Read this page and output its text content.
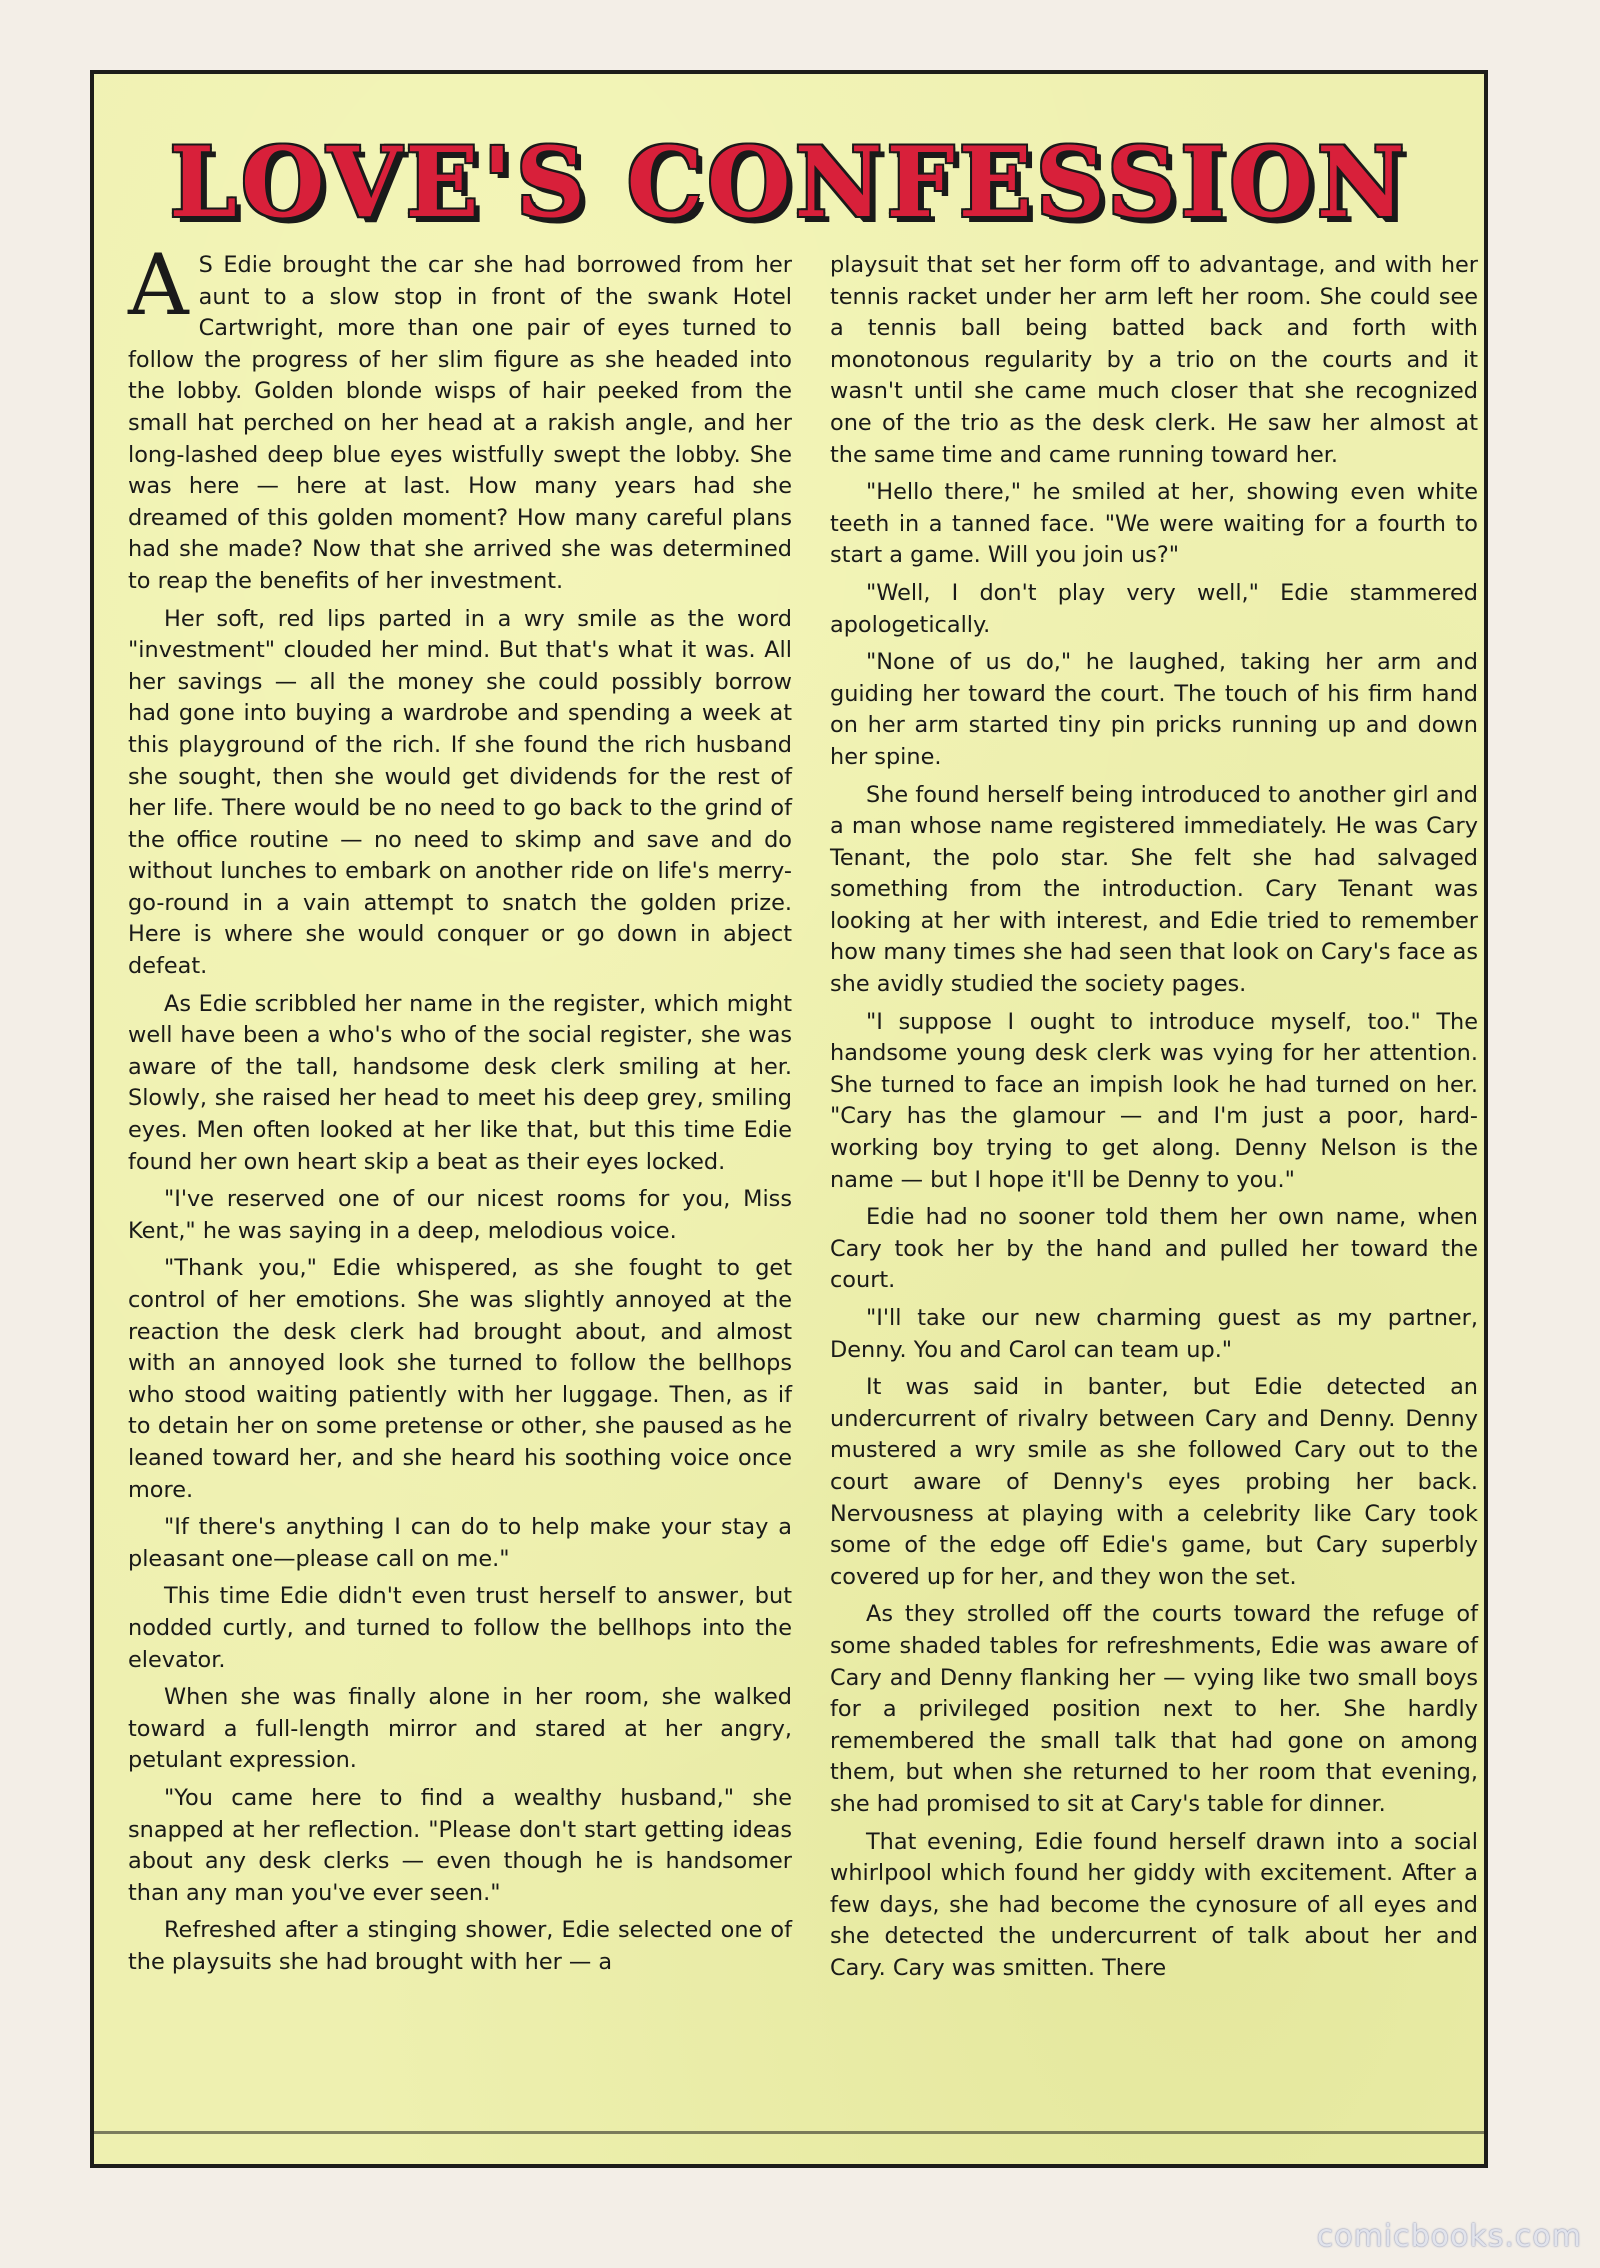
LOVE'S CONFESSION

AS Edie brought the car she had borrowed from her aunt to a slow stop in front of the swank Hotel Cartwright, more than one pair of eyes turned to follow the progress of her slim figure as she headed into the lobby. Golden blonde wisps of hair peeked from the small hat perched on her head at a rakish angle, and her long-lashed deep blue eyes wistfully swept the lobby. She was here — here at last. How many years had she dreamed of this golden moment? How many careful plans had she made? Now that she arrived she was determined to reap the benefits of her investment.

Her soft, red lips parted in a wry smile as the word "investment" clouded her mind. But that's what it was. All her savings — all the money she could possibly borrow had gone into buying a wardrobe and spending a week at this playground of the rich. If she found the rich husband she sought, then she would get dividends for the rest of her life. There would be no need to go back to the grind of the office routine — no need to skimp and save and do without lunches to embark on another ride on life's merry-go-round in a vain attempt to snatch the golden prize. Here is where she would conquer or go down in abject defeat.

As Edie scribbled her name in the register, which might well have been a who's who of the social register, she was aware of the tall, handsome desk clerk smiling at her. Slowly, she raised her head to meet his deep grey, smiling eyes. Men often looked at her like that, but this time Edie found her own heart skip a beat as their eyes locked.

"I've reserved one of our nicest rooms for you, Miss Kent," he was saying in a deep, melodious voice.

"Thank you," Edie whispered, as she fought to get control of her emotions. She was slightly annoyed at the reaction the desk clerk had brought about, and almost with an annoyed look she turned to follow the bellhops who stood waiting patiently with her luggage. Then, as if to detain her on some pretense or other, she paused as he leaned toward her, and she heard his soothing voice once more.

"If there's anything I can do to help make your stay a pleasant one—please call on me."

This time Edie didn't even trust herself to answer, but nodded curtly, and turned to follow the bellhops into the elevator.

When she was finally alone in her room, she walked toward a full-length mirror and stared at her angry, petulant expression.

"You came here to find a wealthy husband," she snapped at her reflection. "Please don't start getting ideas about any desk clerks — even though he is handsomer than any man you've ever seen."

Refreshed after a stinging shower, Edie selected one of the playsuits she had brought with her — a

playsuit that set her form off to advantage, and with her tennis racket under her arm left her room. She could see a tennis ball being batted back and forth with monotonous regularity by a trio on the courts and it wasn't until she came much closer that she recognized one of the trio as the desk clerk. He saw her almost at the same time and came running toward her.

"Hello there," he smiled at her, showing even white teeth in a tanned face. "We were waiting for a fourth to start a game. Will you join us?"

"Well, I don't play very well," Edie stammered apologetically.

"None of us do," he laughed, taking her arm and guiding her toward the court. The touch of his firm hand on her arm started tiny pin pricks running up and down her spine.

She found herself being introduced to another girl and a man whose name registered immediately. He was Cary Tenant, the polo star. She felt she had salvaged something from the introduction. Cary Tenant was looking at her with interest, and Edie tried to remember how many times she had seen that look on Cary's face as she avidly studied the society pages.

"I suppose I ought to introduce myself, too." The handsome young desk clerk was vying for her attention. She turned to face an impish look he had turned on her. "Cary has the glamour — and I'm just a poor, hard-working boy trying to get along. Denny Nelson is the name — but I hope it'll be Denny to you."

Edie had no sooner told them her own name, when Cary took her by the hand and pulled her toward the court.

"I'll take our new charming guest as my partner, Denny. You and Carol can team up."

It was said in banter, but Edie detected an undercurrent of rivalry between Cary and Denny. Denny mustered a wry smile as she followed Cary out to the court aware of Denny's eyes probing her back. Nervousness at playing with a celebrity like Cary took some of the edge off Edie's game, but Cary superbly covered up for her, and they won the set.

As they strolled off the courts toward the refuge of some shaded tables for refreshments, Edie was aware of Cary and Denny flanking her — vying like two small boys for a privileged position next to her. She hardly remembered the small talk that had gone on among them, but when she returned to her room that evening, she had promised to sit at Cary's table for dinner.

That evening, Edie found herself drawn into a social whirlpool which found her giddy with excitement. After a few days, she had become the cynosure of all eyes and she detected the undercurrent of talk about her and Cary. Cary was smitten. There

comicbooks.com
